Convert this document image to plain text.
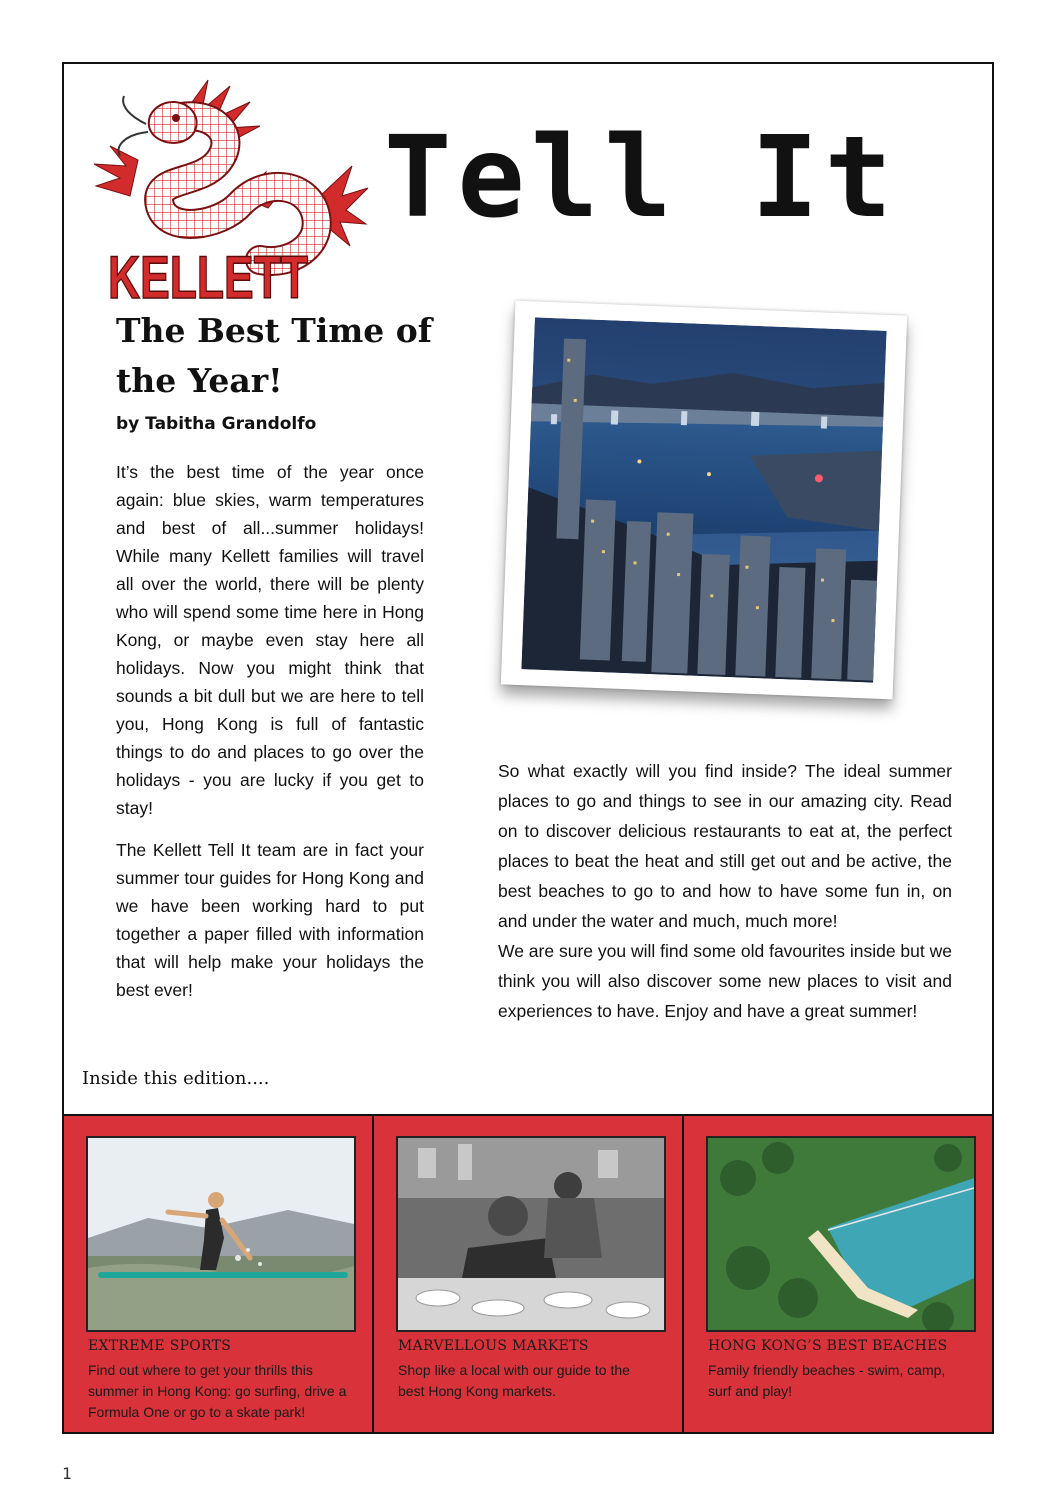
KELLETT
Tell It
The Best Time of the Year!

by Tabitha Grandolfo

It’s the best time of the year once again: blue skies, warm temperatures and best of all...summer holidays! While many Kellett families will travel all over the world, there will be plenty who will spend some time here in Hong Kong, or maybe even stay here all holidays. Now you might think that sounds a bit dull but we are here to tell you, Hong Kong is full of fantastic things to do and places to go over the holidays - you are lucky if you get to stay!

The Kellett Tell It team are in fact your summer tour guides for Hong Kong and we have been working hard to put together a paper filled with information that will help make your holidays the best ever!

So what exactly will you find inside? The ideal summer places to go and things to see in our amazing city. Read on to discover delicious restaurants to eat at, the perfect places to beat the heat and still get out and be active, the best beaches to go to and how to have some fun in, on and under the water and much, much more!

We are sure you will find some old favourites inside but we think you will also discover some new places to visit and experiences to have. Enjoy and have a great summer!

Inside this edition....

EXTREME SPORTS

Find out where to get your thrills this summer in Hong Kong: go surfing, drive a Formula One or go to a skate park!

MARVELLOUS MARKETS

Shop like a local with our guide to the best Hong Kong markets.

HONG KONG’S BEST BEACHES

Family friendly beaches - swim, camp, surf and play!

1
